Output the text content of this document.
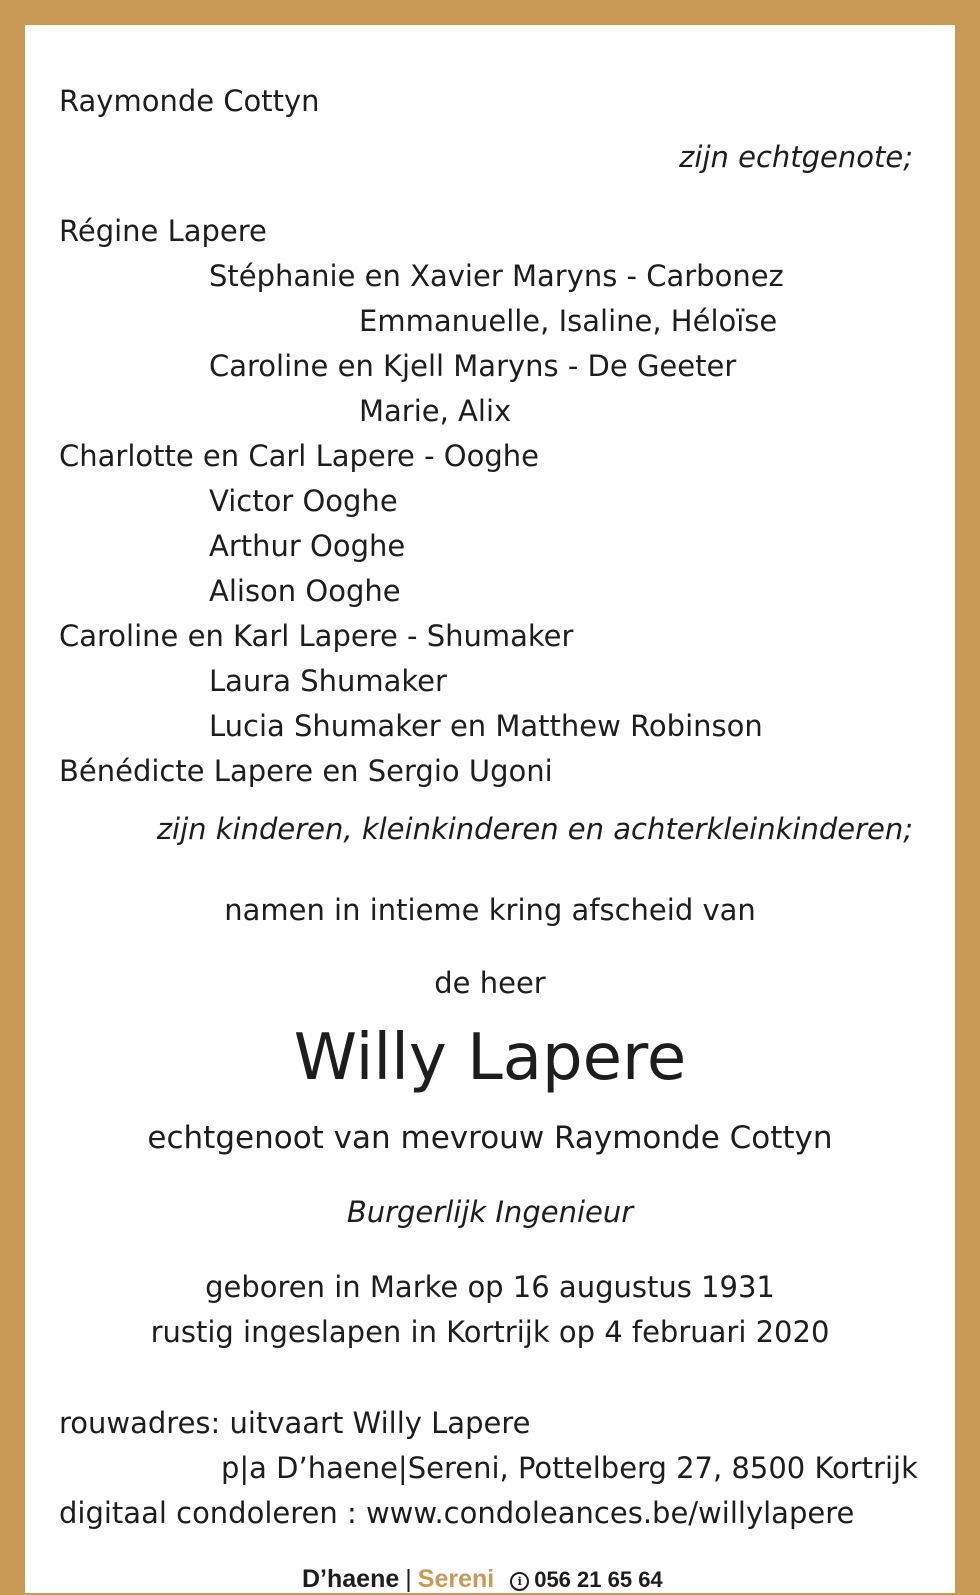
Raymonde Cottyn
zijn echtgenote;
Régine Lapere
Stéphanie en Xavier Maryns - Carbonez
Emmanuelle, Isaline, Héloïse
Caroline en Kjell Maryns - De Geeter
Marie, Alix
Charlotte en Carl Lapere - Ooghe
Victor Ooghe
Arthur Ooghe
Alison Ooghe
Caroline en Karl Lapere - Shumaker
Laura Shumaker
Lucia Shumaker en Matthew Robinson
Bénédicte Lapere en Sergio Ugoni
zijn kinderen, kleinkinderen en achterkleinkinderen;
namen in intieme kring afscheid van
de heer
Willy Lapere
echtgenoot van mevrouw Raymonde Cottyn
Burgerlijk Ingenieur
geboren in Marke op 16 augustus 1931
rustig ingeslapen in Kortrijk op 4 februari 2020
rouwadres: uitvaart Willy Lapere
p|a D’haene|Sereni, Pottelberg 27, 8500 Kortrijk
digitaal condoleren : www.condoleances.be/willylapere
D’haene | Sereni i 056 21 65 64
